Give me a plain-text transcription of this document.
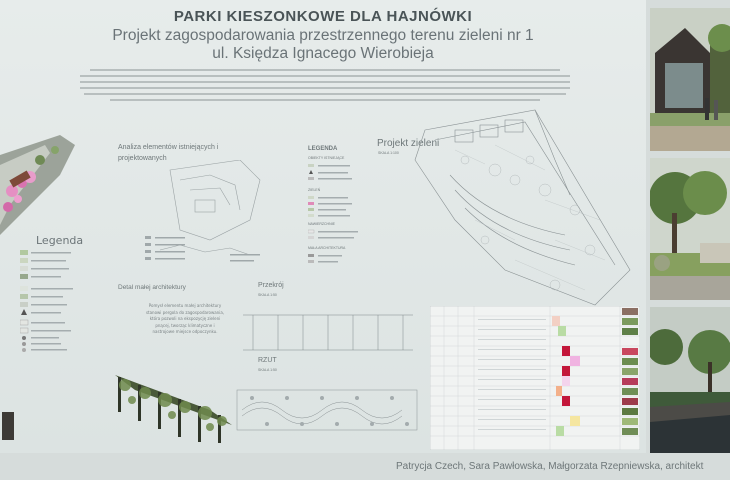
PARKI KIESZONKOWE DLA HAJNÓWKI
Projekt zagospodarowania przestrzennego terenu zieleni nr 1
ul. Księdza Ignacego Wierobieja
Analiza elementów istniejących i projektowanych
Legenda
LEGENDA
OBIEKTY ISTNIEJĄCE
ZIELEŃ
NAWIERZCHNIE
MAŁA ARCHITEKTURA
Projekt zieleni
SKALA 1:100
Detal małej architektury
Pomysł elementu małej architektury stanowi pergola do zagospodarowania, która pozwoli na ekspozycję zieleni pnącej, tworząc klimatyczne i nastrojowe miejsce odpoczynku.
Przekrój
SKALA 1:50
RZUT
SKALA 1:50
Patrycja Czech, Sara Pawłowska, Małgorzata Rzepniewska, architekt
